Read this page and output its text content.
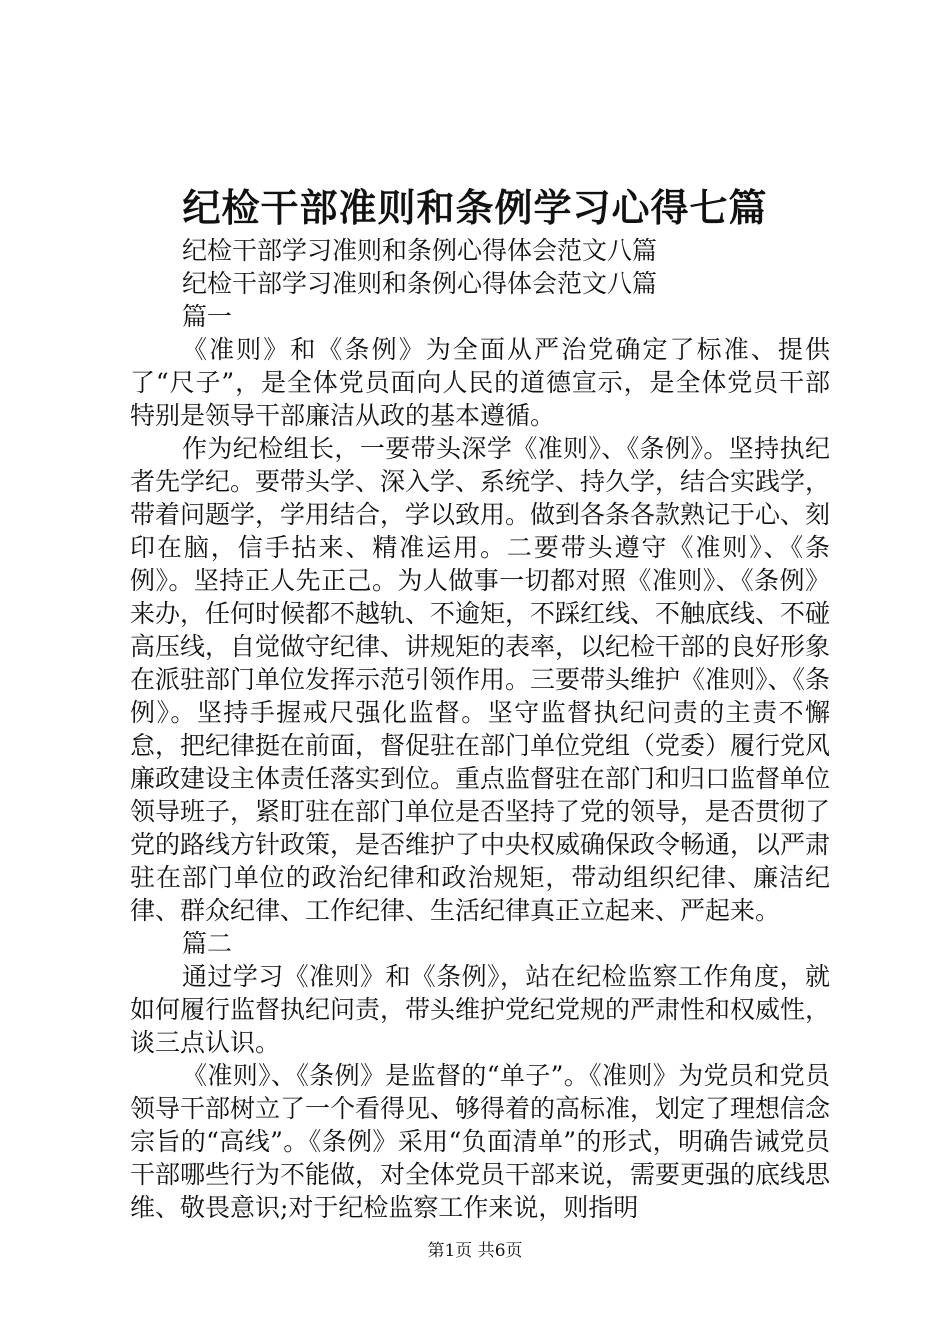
纪检干部准则和条例学习心得七篇

纪检干部学习准则和条例心得体会范文八篇

纪检干部学习准则和条例心得体会范文八篇

篇一

《准则》和《条例》为全面从严治党确定了标准、提供了“尺子”，是全体党员面向人民的道德宣示，是全体党员干部特别是领导干部廉洁从政的基本遵循。

作为纪检组长，一要带头深学《准则》、《条例》。坚持执纪者先学纪。要带头学、深入学、系统学、持久学，结合实践学，带着问题学，学用结合，学以致用。做到各条各款熟记于心、刻印在脑，信手拈来、精准运用。二要带头遵守《准则》、《条例》。坚持正人先正己。为人做事一切都对照《准则》、《条例》来办，任何时候都不越轨、不逾矩，不踩红线、不触底线、不碰高压线，自觉做守纪律、讲规矩的表率，以纪检干部的良好形象在派驻部门单位发挥示范引领作用。三要带头维护《准则》、《条例》。坚持手握戒尺强化监督。坚守监督执纪问责的主责不懈怠，把纪律挺在前面，督促驻在部门单位党组（党委）履行党风廉政建设主体责任落实到位。重点监督驻在部门和归口监督单位领导班子，紧盯驻在部门单位是否坚持了党的领导，是否贯彻了党的路线方针政策，是否维护了中央权威确保政令畅通，以严肃驻在部门单位的政治纪律和政治规矩，带动组织纪律、廉洁纪律、群众纪律、工作纪律、生活纪律真正立起来、严起来。

篇二

通过学习《准则》和《条例》，站在纪检监察工作角度，就如何履行监督执纪问责，带头维护党纪党规的严肃性和权威性，谈三点认识。

《准则》、《条例》是监督的“单子”。《准则》为党员和党员领导干部树立了一个看得见、够得着的高标准，划定了理想信念宗旨的“高线”。《条例》采用“负面清单”的形式，明确告诫党员干部哪些行为不能做，对全体党员干部来说，需要更强的底线思维、敬畏意识;对于纪检监察工作来说，则指明

第1页 共6页
